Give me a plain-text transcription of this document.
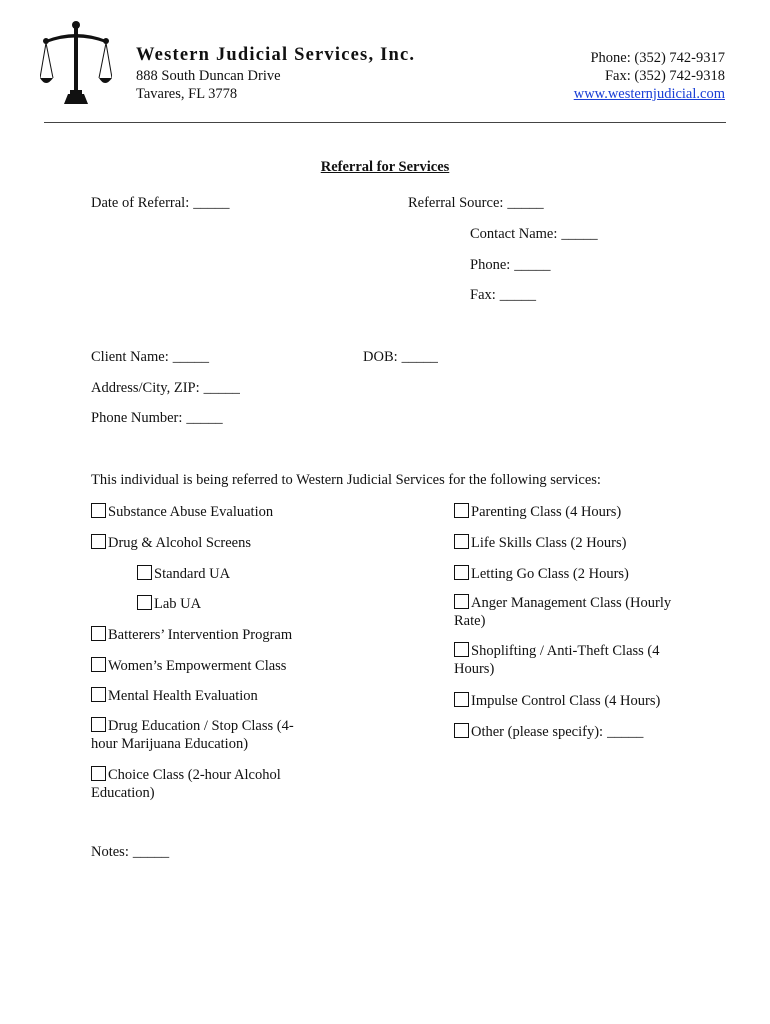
Western Judicial Services, Inc.
888 South Duncan Drive
Tavares, FL 3778
Phone: (352) 742-9317
Fax: (352) 742-9318
www.westernjudicial.com
Referral for Services
Date of Referral: _____	Referral Source: _____
Contact Name: _____
Phone: _____
Fax: _____
Client Name: _____	DOB: _____
Address/City, ZIP: _____
Phone Number: _____
This individual is being referred to Western Judicial Services for the following services:
Substance Abuse Evaluation
Drug & Alcohol Screens
Standard UA
Lab UA
Batterers’ Intervention Program
Women’s Empowerment Class
Mental Health Evaluation
Drug Education / Stop Class (4-
hour Marijuana Education)
Choice Class (2-hour Alcohol
Education)
Parenting Class (4 Hours)
Life Skills Class (2 Hours)
Letting Go Class (2 Hours)
Anger Management Class (Hourly
Rate)
Shoplifting / Anti-Theft Class (4
Hours)
Impulse Control Class (4 Hours)
Other (please specify): _____
Notes: _____
